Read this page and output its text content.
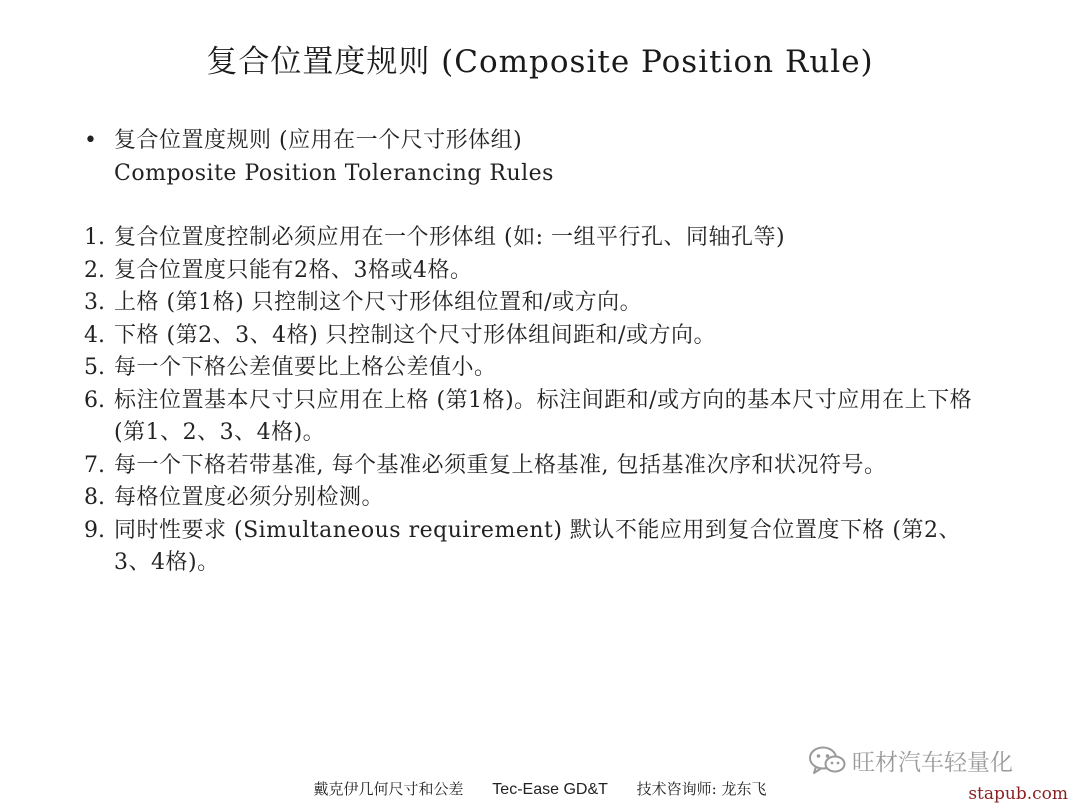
复合位置度规则 (Composite Position Rule)
• 复合位置度规则 (应用在一个尺寸形体组)
Composite Position Tolerancing Rules
1. 复合位置度控制必须应用在一个形体组 (如: 一组平行孔、同轴孔等)
2. 复合位置度只能有2格、3格或4格。
3. 上格 (第1格) 只控制这个尺寸形体组位置和/或方向。
4. 下格 (第2、3、4格) 只控制这个尺寸形体组间距和/或方向。
5. 每一个下格公差值要比上格公差值小。
6. 标注位置基本尺寸只应用在上格 (第1格)。标注间距和/或方向的基本尺寸应用在上下格 (第1、2、3、4格)。
7. 每一个下格若带基准, 每个基准必须重复上格基准, 包括基准次序和状况符号。
8. 每格位置度必须分别检测。
9. 同时性要求 (Simultaneous requirement) 默认不能应用到复合位置度下格 (第2、3、4格)。
旺材汽车轻量化
戴克伊几何尺寸和公差 Tec-Ease GD&T 技术咨询师: 龙东飞	stapub.com
